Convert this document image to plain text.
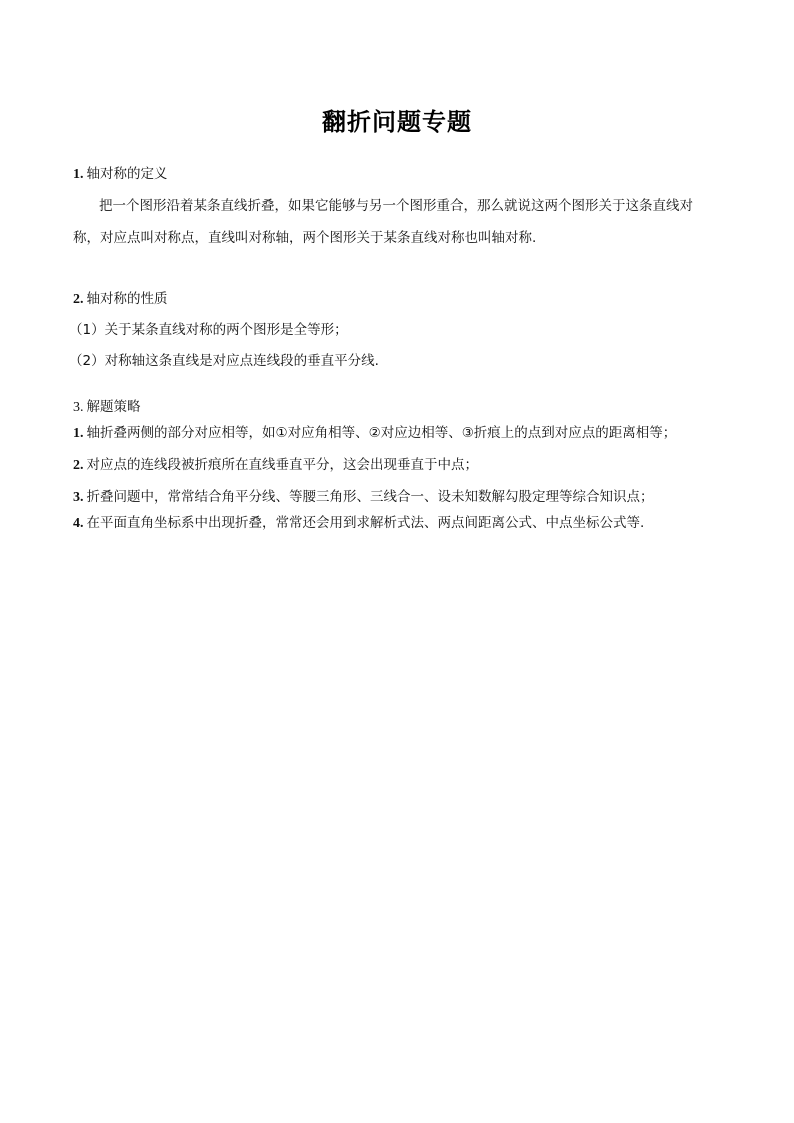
翻折问题专题
1. 轴对称的定义
把一个图形沿着某条直线折叠，如果它能够与另一个图形重合，那么就说这两个图形关于这条直线对
称，对应点叫对称点，直线叫对称轴，两个图形关于某条直线对称也叫轴对称.
2. 轴对称的性质
（1）关于某条直线对称的两个图形是全等形；
（2）对称轴这条直线是对应点连线段的垂直平分线.
3. 解题策略
1. 轴折叠两侧的部分对应相等，如①对应角相等、②对应边相等、③折痕上的点到对应点的距离相等；
2. 对应点的连线段被折痕所在直线垂直平分，这会出现垂直于中点；
3. 折叠问题中，常常结合角平分线、等腰三角形、三线合一、设未知数解勾股定理等综合知识点；
4. 在平面直角坐标系中出现折叠，常常还会用到求解析式法、两点间距离公式、中点坐标公式等.
